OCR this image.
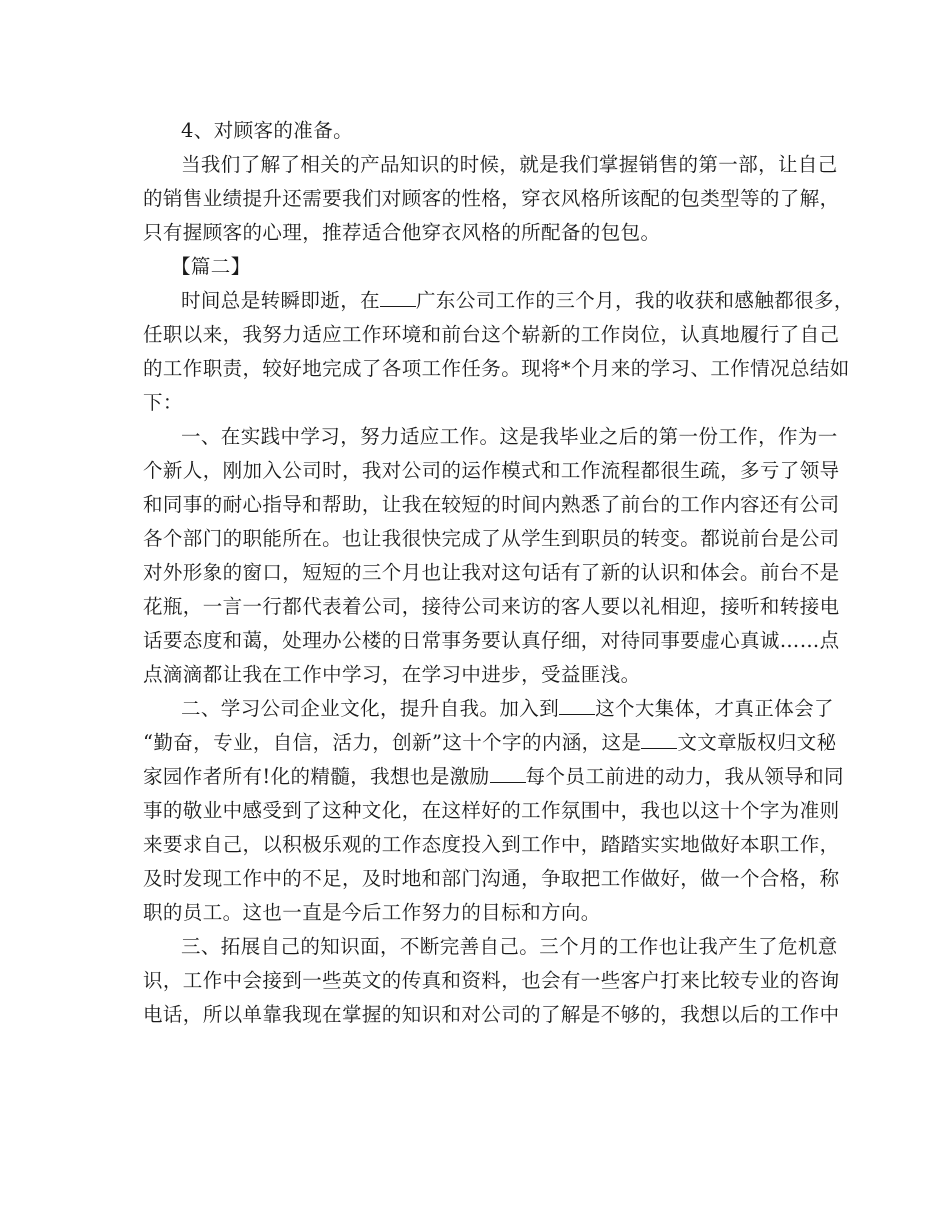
4、对顾客的准备。
当我们了解了相关的产品知识的时候，就是我们掌握销售的第一部，让自己
的销售业绩提升还需要我们对顾客的性格，穿衣风格所该配的包类型等的了解，
只有握顾客的心理，推荐适合他穿衣风格的所配备的包包。
【篇二】
时间总是转瞬即逝，在 广东公司工作的三个月，我的收获和感触都很多，
任职以来，我努力适应工作环境和前台这个崭新的工作岗位，认真地履行了自己
的工作职责，较好地完成了各项工作任务。现将*个月来的学习、工作情况总结如
下：
一、在实践中学习，努力适应工作。这是我毕业之后的第一份工作，作为一
个新人，刚加入公司时，我对公司的运作模式和工作流程都很生疏，多亏了领导
和同事的耐心指导和帮助，让我在较短的时间内熟悉了前台的工作内容还有公司
各个部门的职能所在。也让我很快完成了从学生到职员的转变。都说前台是公司
对外形象的窗口，短短的三个月也让我对这句话有了新的认识和体会。前台不是
花瓶，一言一行都代表着公司，接待公司来访的客人要以礼相迎，接听和转接电
话要态度和蔼，处理办公楼的日常事务要认真仔细，对待同事要虚心真诚……点
点滴滴都让我在工作中学习，在学习中进步，受益匪浅。
二、学习公司企业文化，提升自我。加入到 这个大集体，才真正体会了
“勤奋，专业，自信，活力，创新”这十个字的内涵，这是 文文章版权归文秘
家园作者所有!化的精髓，我想也是激励 每个员工前进的动力，我从领导和同
事的敬业中感受到了这种文化，在这样好的工作氛围中，我也以这十个字为准则
来要求自己，以积极乐观的工作态度投入到工作中，踏踏实实地做好本职工作，
及时发现工作中的不足，及时地和部门沟通，争取把工作做好，做一个合格，称
职的员工。这也一直是今后工作努力的目标和方向。
三、拓展自己的知识面，不断完善自己。三个月的工作也让我产生了危机意
识，工作中会接到一些英文的传真和资料，也会有一些客户打来比较专业的咨询
电话，所以单靠我现在掌握的知识和对公司的了解是不够的，我想以后的工作中
